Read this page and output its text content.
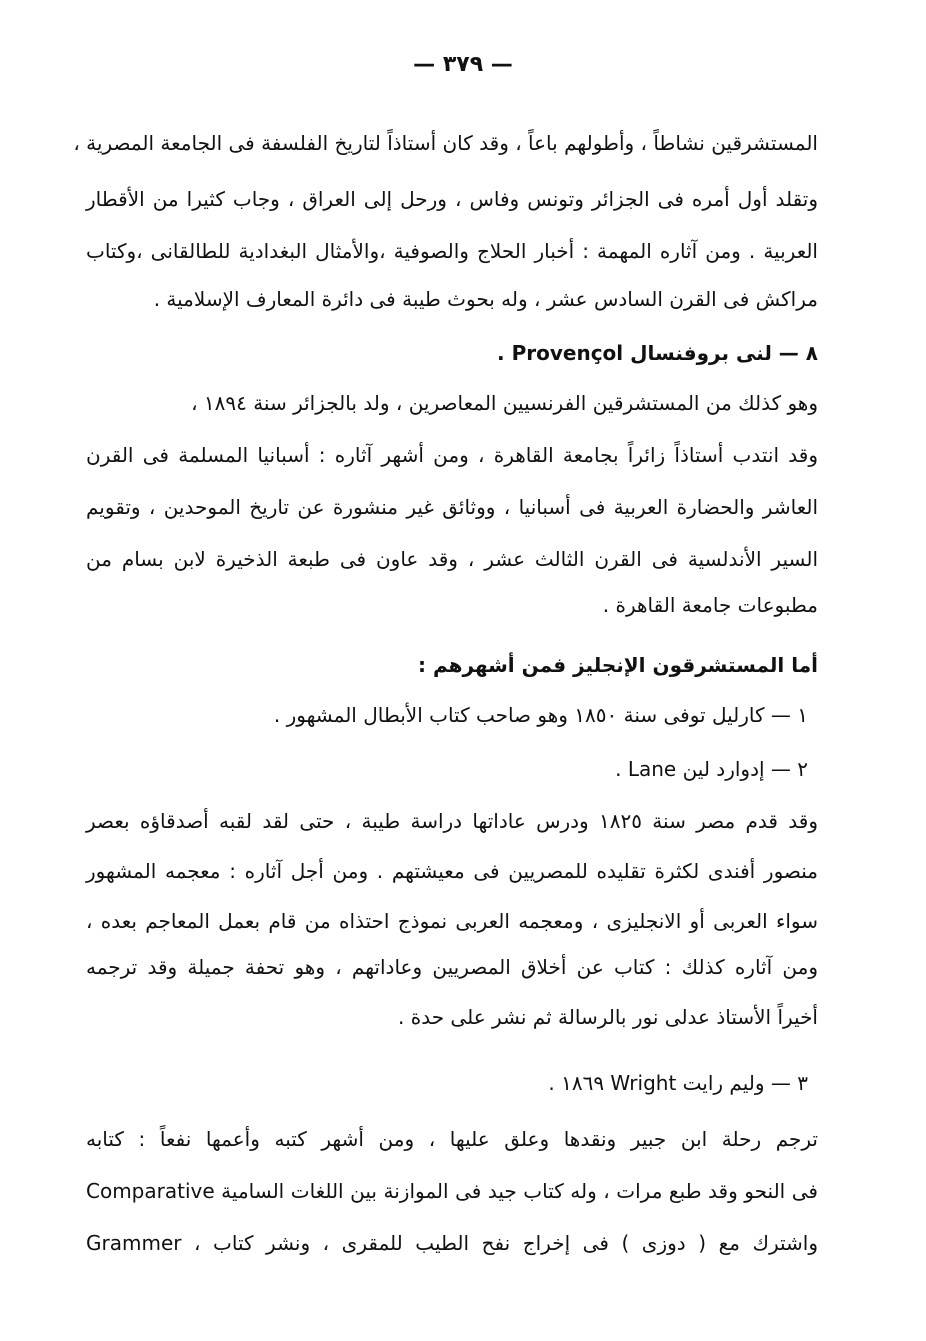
— ٣٧٩ —
المستشرقين نشاطاً ، وأطولهم باعاً ، وقد كان أستاذاً لتاريخ الفلسفة فى الجامعة المصرية ،
وتقلد أول أمره فى الجزائر وتونس وفاس ، ورحل إلى العراق ، وجاب كثيرا من الأقطار
العربية . ومن آثاره المهمة : أخبار الحلاج والصوفية ،والأمثال البغدادية للطالقانى ،وكتاب
مراكش فى القرن السادس عشر ، وله بحوث طيبة فى دائرة المعارف الإسلامية .
٨ — لنى بروفنسال Provençol .
وهو كذلك من المستشرقين الفرنسيين المعاصرين ، ولد بالجزائر سنة ١٨٩٤ ،
وقد انتدب أستاذاً زائراً بجامعة القاهرة ، ومن أشهر آثاره : أسبانيا المسلمة فى القرن
العاشر والحضارة العربية فى أسبانيا ، ووثائق غير منشورة عن تاريخ الموحدين ، وتقويم
السير الأندلسية فى القرن الثالث عشر ، وقد عاون فى طبعة الذخيرة لابن بسام من
مطبوعات جامعة القاهرة .
أما المستشرقون الإنجليز فمن أشهرهم :
١ — كارليل توفى سنة ١٨٥٠ وهو صاحب كتاب الأبطال المشهور .
٢ — إدوارد لين Lane .
وقد قدم مصر سنة ١٨٢٥ ودرس عاداتها دراسة طيبة ، حتى لقد لقبه أصدقاؤه بعصر
منصور أفندى لكثرة تقليده للمصريين فى معيشتهم . ومن أجل آثاره : معجمه المشهور
سواء العربى أو الانجليزى ، ومعجمه العربى نموذج احتذاه من قام بعمل المعاجم بعده ،
ومن آثاره كذلك : كتاب عن أخلاق المصريين وعاداتهم ، وهو تحفة جميلة وقد ترجمه
أخيراً الأستاذ عدلى نور بالرسالة ثم نشر على حدة .
٣ — وليم رايت Wright ١٨٦٩ .
ترجم رحلة ابن جبير ونقدها وعلق عليها ، ومن أشهر كتبه وأعمها نفعاً : كتابه
فى النحو وقد طبع مرات ، وله كتاب جيد فى الموازنة بين اللغات السامية Comparative
Grammer ، واشترك مع ( دوزى ) فى إخراج نفح الطيب للمقرى ، ونشر كتاب
